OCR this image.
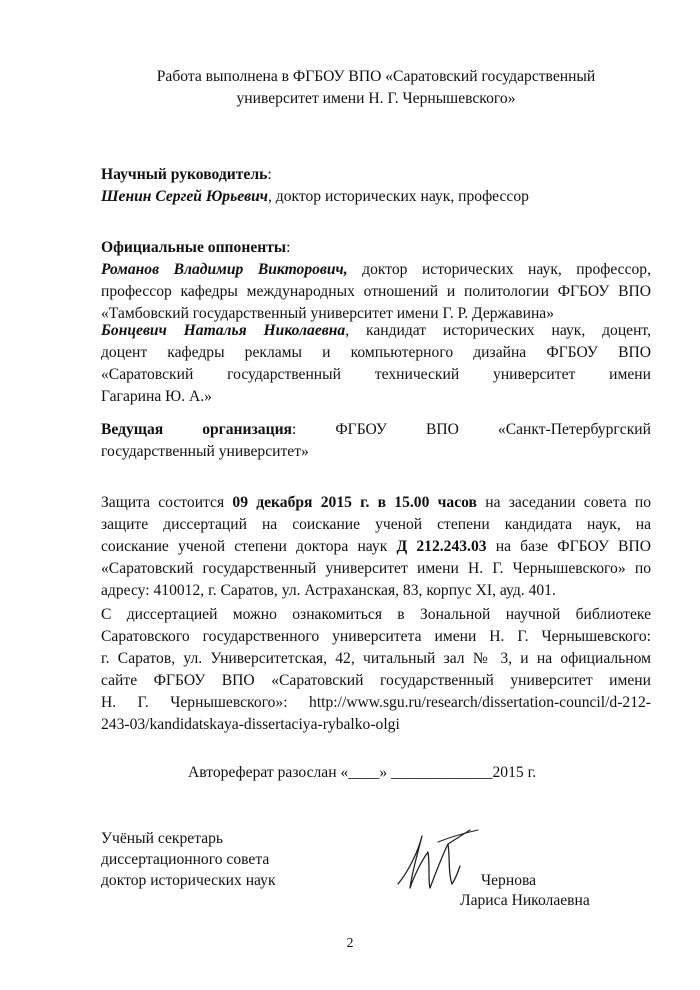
Работа выполнена в ФГБОУ ВПО «Саратовский государственный
университет имени Н. Г. Чернышевского»
Научный руководитель:
Шенин Сергей Юрьевич, доктор исторических наук, профессор
Официальные оппоненты:
Романов Владимир Викторович, доктор исторических наук, профессор,
профессор кафедры международных отношений и политологии ФГБОУ ВПО
«Тамбовский государственный университет имени Г. Р. Державина»
Бонцевич Наталья Николаевна, кандидат исторических наук, доцент,
доцент кафедры рекламы и компьютерного дизайна ФГБОУ ВПО
«Саратовский государственный технический университет имени
Гагарина Ю. А.»
Ведущая организация:	ФГБОУ ВПО «Санкт-Петербургский
государственный университет»
Защита состоится 09 декабря 2015 г. в 15.00 часов на заседании совета по
защите диссертаций на соискание ученой степени кандидата наук, на
соискание ученой степени доктора наук Д 212.243.03 на базе ФГБОУ ВПО
«Саратовский государственный университет имени Н. Г. Чернышевского» по
адресу: 410012, г. Саратов, ул. Астраханская, 83, корпус XI, ауд. 401.
С диссертацией можно ознакомиться в Зональной научной библиотеке
Саратовского государственного университета имени Н. Г. Чернышевского:
г. Саратов, ул. Университетская, 42, читальный зал № 3, и на официальном
сайте ФГБОУ ВПО «Саратовский государственный университет имени
Н. Г. Чернышевского»: http://www.sgu.ru/research/dissertation-council/d-212-
243-03/kandidatskaya-dissertaciya-rybalko-olgi
Автореферат разослан «____» _____________2015 г.
Учёный секретарь
диссертационного совета
доктор исторических наук	Чернова
Лариса Николаевна
2
